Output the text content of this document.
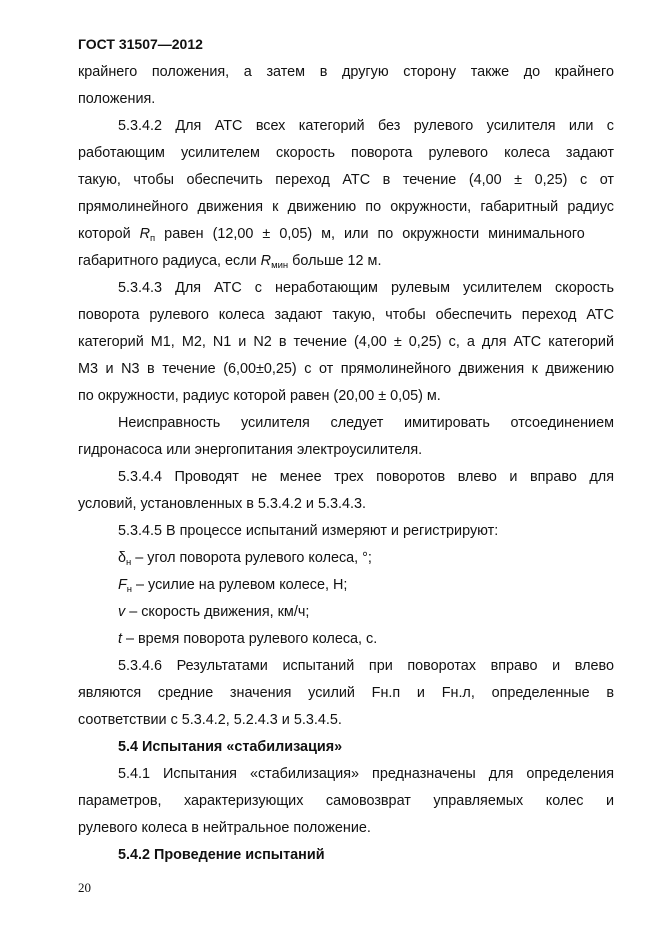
ГОСТ 31507—2012
крайнего положения, а затем в другую сторону также до крайнего
положения.
5.3.4.2 Для АТС всех категорий без рулевого усилителя или с
работающим усилителем скорость поворота рулевого колеса задают
такую, чтобы обеспечить переход АТС в течение (4,00 ± 0,25) с от
прямолинейного движения к движению по окружности, габаритный радиус
которой $R_п$ равен (12,00 ± 0,05) м, или по окружности минимального
габаритного радиуса, если $R_{мин}$ больше 12 м.
5.3.4.3 Для АТС с неработающим рулевым усилителем скорость
поворота рулевого колеса задают такую, чтобы обеспечить переход АТС
категорий М1, М2, N1 и N2 в течение (4,00 ± 0,25) с, а для АТС категорий
М3 и N3 в течение (6,00±0,25) с от прямолинейного движения к движению
по окружности, радиус которой равен (20,00 ± 0,05) м.
Неисправность усилителя следует имитировать отсоединением
гидронасоса или энергопитания электроусилителя.
5.3.4.4 Проводят не менее трех поворотов влево и вправо для
условий, установленных в 5.3.4.2 и 5.3.4.3.
5.3.4.5 В процессе испытаний измеряют и регистрируют:
$\delta_н$ – угол поворота рулевого колеса, °;
$F_н$ – усилие на рулевом колесе, Н;
v – скорость движения, км/ч;
t – время поворота рулевого колеса, с.
5.3.4.6 Результатами испытаний при поворотах вправо и влево
являются средние значения усилий Fн.п и Fн.л, определенные в
соответствии с 5.3.4.2, 5.2.4.3 и 5.3.4.5.
5.4 Испытания «стабилизация»
5.4.1 Испытания «стабилизация» предназначены для определения
параметров, характеризующих самовозврат управляемых колес и
рулевого колеса в нейтральное положение.
5.4.2 Проведение испытаний
20
